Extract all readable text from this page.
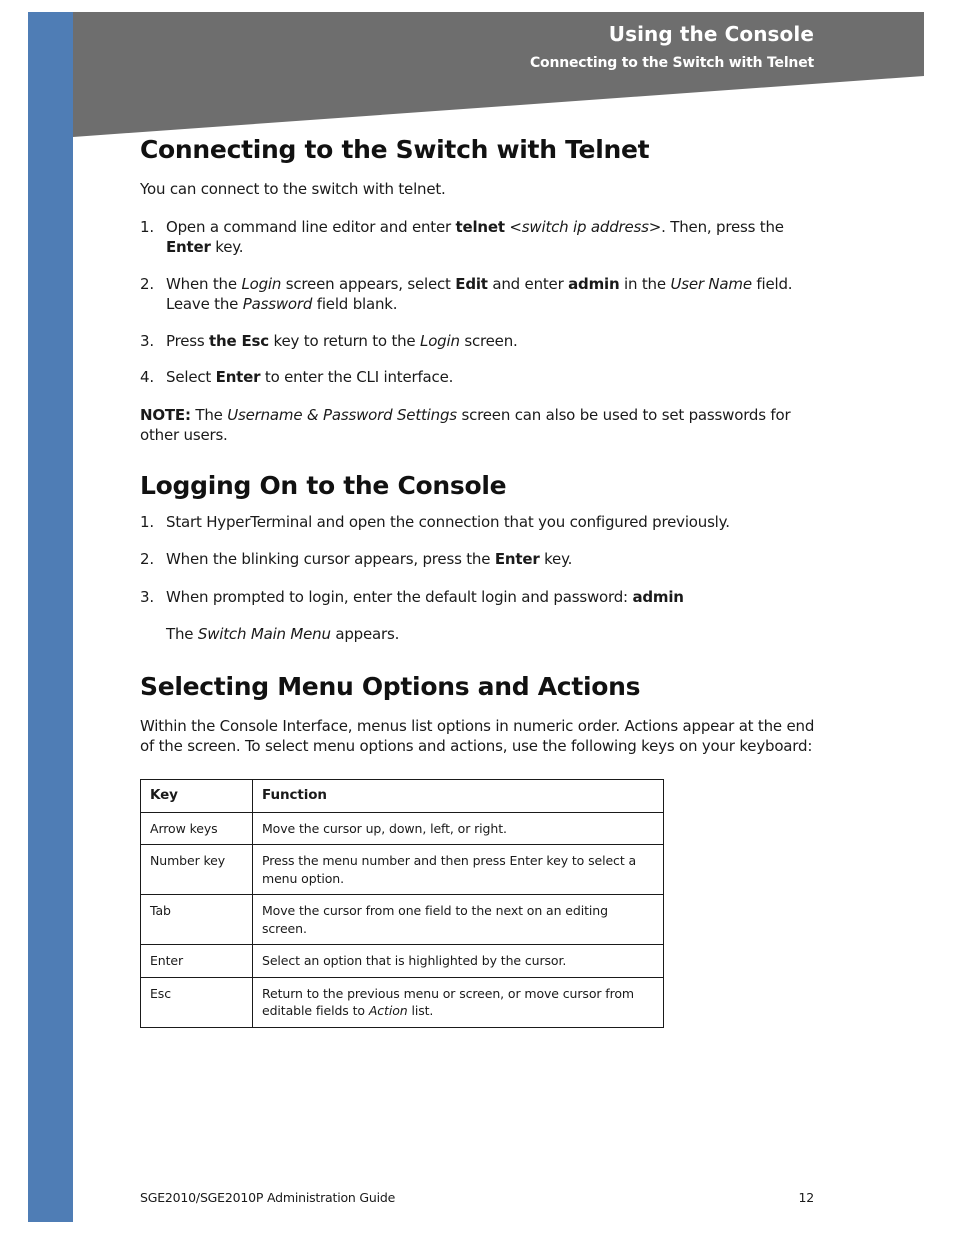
Using the Console

Connecting to the Switch with Telnet

Connecting to the Switch with Telnet

You can connect to the switch with telnet.

1. Open a command line editor and enter telnet <switch ip address>. Then, press the Enter key.
2. When the Login screen appears, select Edit and enter admin in the User Name field. Leave the Password field blank.
3. Press the Esc key to return to the Login screen.
4. Select Enter to enter the CLI interface.

NOTE: The Username & Password Settings screen can also be used to set passwords for other users.

Logging On to the Console
1. Start HyperTerminal and open the connection that you configured previously.
2. When the blinking cursor appears, press the Enter key.
3. When prompted to login, enter the default login and password: admin

The Switch Main Menu appears.

Selecting Menu Options and Actions

Within the Console Interface, menus list options in numeric order. Actions appear at the end of the screen. To select menu options and actions, use the following keys on your keyboard:

Key	Function
Arrow keys	Move the cursor up, down, left, or right.
Number key	Press the menu number and then press Enter key to select a menu option.
Tab	Move the cursor from one field to the next on an editing screen.
Enter	Select an option that is highlighted by the cursor.
Esc	Return to the previous menu or screen, or move cursor from editable fields to Action list.

SGE2010/SGE2010P Administration Guide	12
